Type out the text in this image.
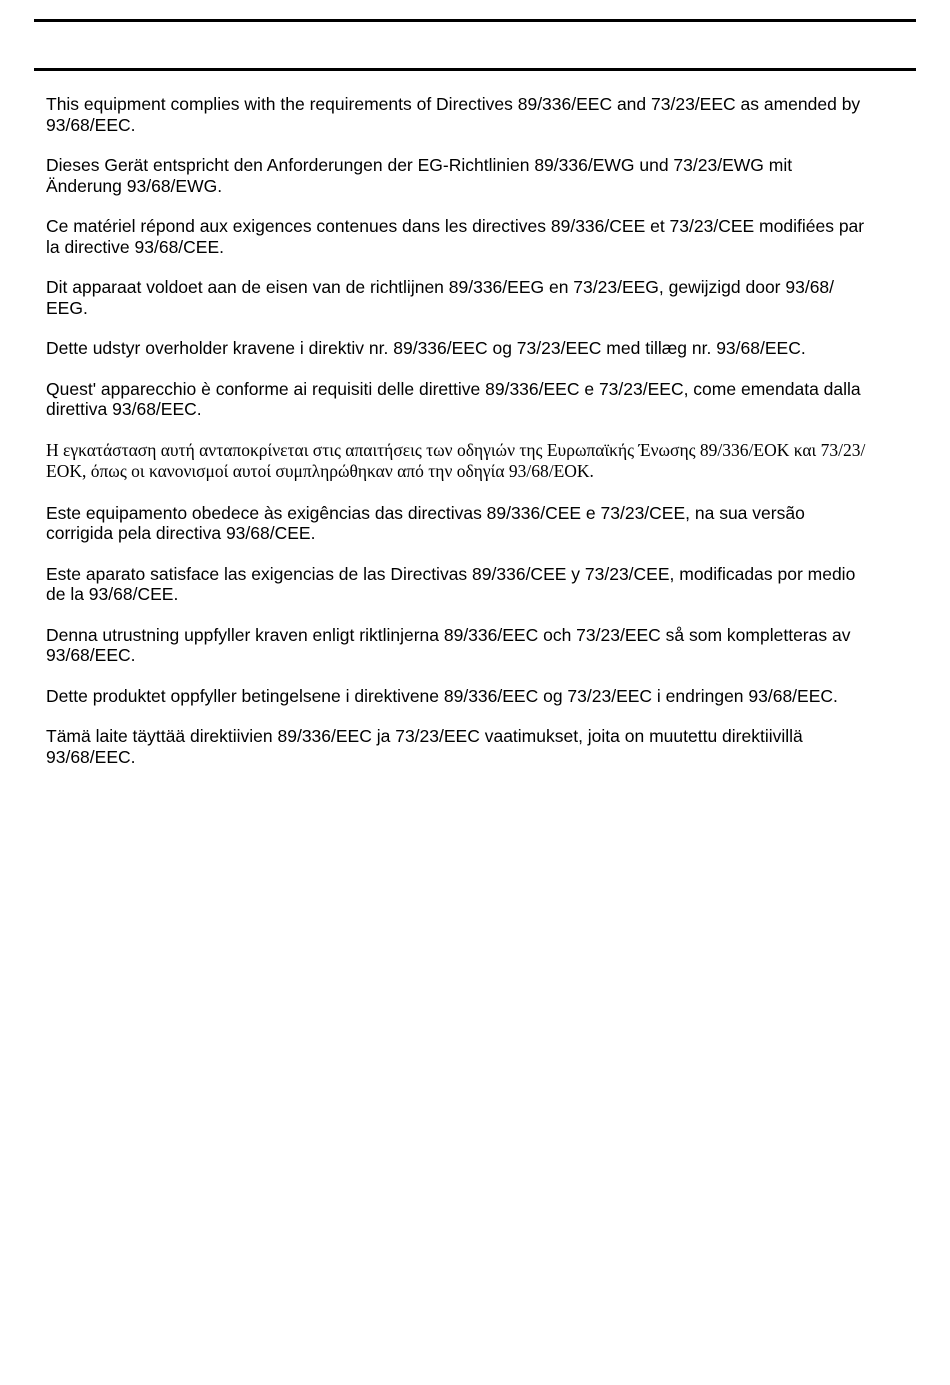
This equipment complies with the requirements of Directives 89/336/EEC and 73/23/EEC as amended by
93/68/EEC.

Dieses Gerät entspricht den Anforderungen der EG-Richtlinien 89/336/EWG und 73/23/EWG mit
Änderung 93/68/EWG.

Ce matériel répond aux exigences contenues dans les directives 89/336/CEE et 73/23/CEE modifiées par
la directive 93/68/CEE.

Dit apparaat voldoet aan de eisen van de richtlijnen 89/336/EEG en 73/23/EEG, gewijzigd door 93/68/
EEG.

Dette udstyr overholder kravene i direktiv nr. 89/336/EEC og 73/23/EEC med tillæg nr. 93/68/EEC.

Quest' apparecchio è conforme ai requisiti delle direttive 89/336/EEC e 73/23/EEC, come emendata dalla
direttiva 93/68/EEC.

Η εγκατάσταση αυτή ανταποκρίνεται στις απαιτήσεις των οδηγιών της Ευρωπαϊκής Ένωσης 89/336/ΕΟΚ και 73/23/
ΕΟΚ, όπως οι κανονισμοί αυτοί συμπληρώθηκαν από την οδηγία 93/68/ΕΟΚ.

Este equipamento obedece às exigências das directivas 89/336/CEE e 73/23/CEE, na sua versão
corrigida pela directiva 93/68/CEE.

Este aparato satisface las exigencias de las Directivas 89/336/CEE y 73/23/CEE, modificadas por medio
de la 93/68/CEE.

Denna utrustning uppfyller kraven enligt riktlinjerna 89/336/EEC och 73/23/EEC så som kompletteras av
93/68/EEC.

Dette produktet oppfyller betingelsene i direktivene 89/336/EEC og 73/23/EEC i endringen 93/68/EEC.

Tämä laite täyttää direktiivien 89/336/EEC ja 73/23/EEC vaatimukset, joita on muutettu direktiivillä
93/68/EEC.
